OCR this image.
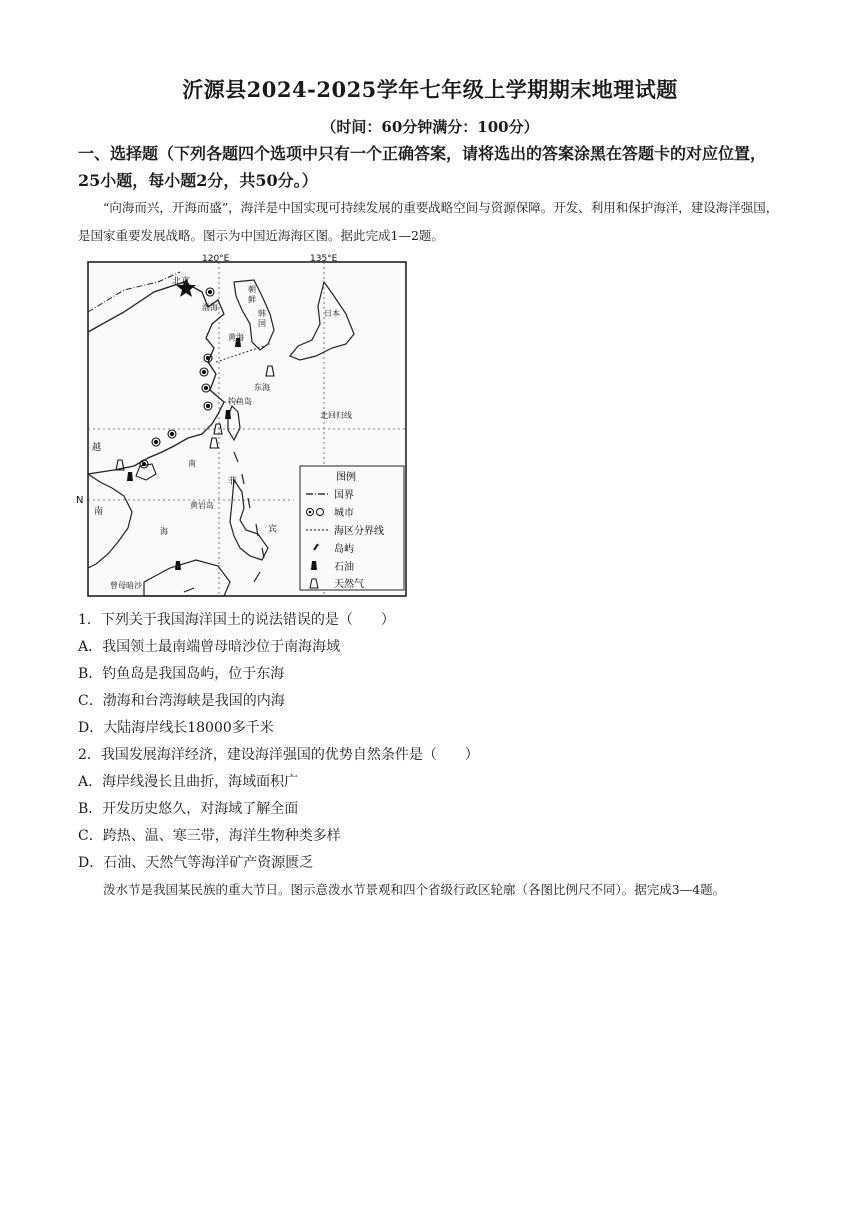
沂源县2024-2025学年七年级上学期期末地理试题
（时间：60分钟满分：100分）
一、选择题（下列各题四个选项中只有一个正确答案，请将选出的答案涂黑在答题卡的对应位置，25小题，每小题2分，共50分。）
“向海而兴，开海而盛”，海洋是中国实现可持续发展的重要战略空间与资源保障。开发、利用和保护海洋，建设海洋强国，是国家重要发展战略。图示为中国近海海区图。据此完成1—2题。
120°E	135°E
N
北京
渤海
朝
鲜
韩
国
日本
黄海
东海
钓鱼岛
北回归线
越
南
菲
黄岩岛
海
南
宾
曾母暗沙
图例
国界
城市
海区分界线
岛屿
石油
天然气
1．下列关于我国海洋国土的说法错误的是（　　）
A．我国领土最南端曾母暗沙位于南海海域
B．钓鱼岛是我国岛屿，位于东海
C．渤海和台湾海峡是我国的内海
D．大陆海岸线长18000多千米
2．我国发展海洋经济，建设海洋强国的优势自然条件是（　　）
A．海岸线漫长且曲折，海域面积广
B．开发历史悠久，对海域了解全面
C．跨热、温、寒三带，海洋生物种类多样
D．石油、天然气等海洋矿产资源匮乏
泼水节是我国某民族的重大节日。图示意泼水节景观和四个省级行政区轮廓（各图比例尺不同）。据完成3—4题。
